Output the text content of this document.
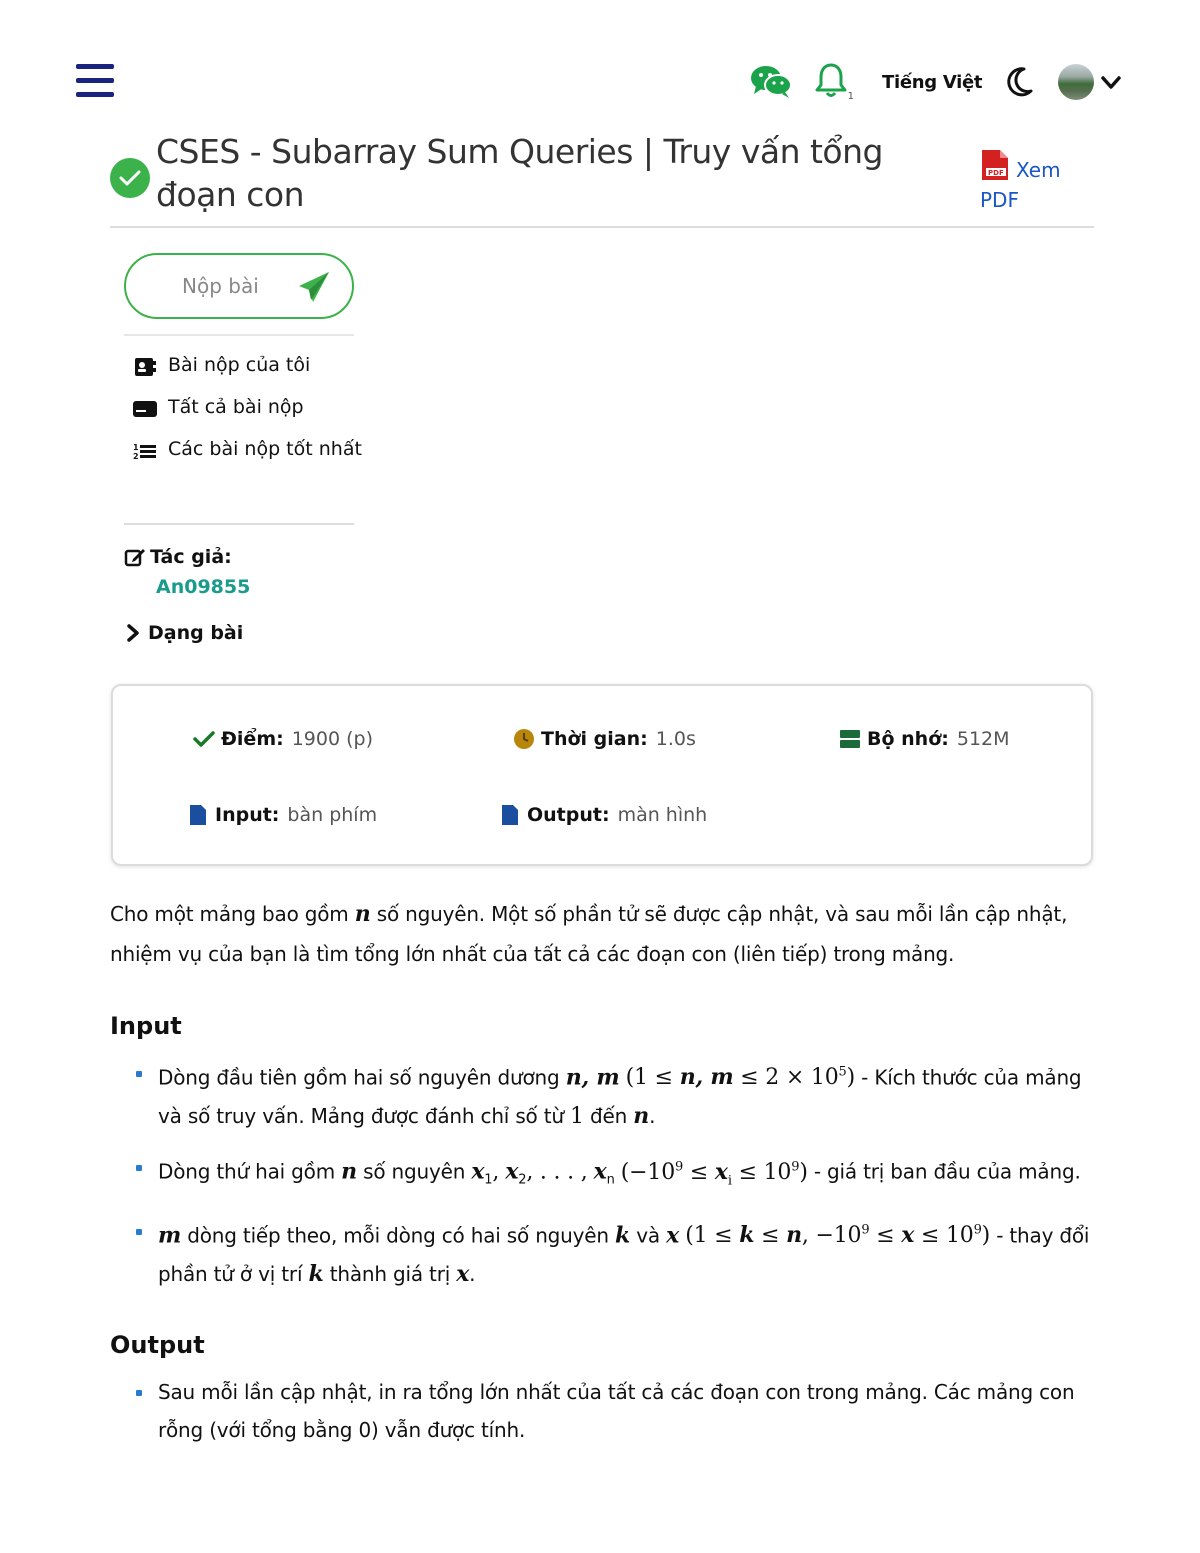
1
Tiếng Việt
CSES - Subarray Sum Queries | Truy vấn tổng đoạn con
PDF Xem
PDF
Nộp bài
Bài nộp của tôi
Tất cả bài nộp
1
2 Các bài nộp tốt nhất
Tác giả:
An09855
Dạng bài
Điểm: 1900 (p)	Thời gian: 1.0s	Bộ nhớ: 512M
Input: bàn phím	Output: màn hình

Cho một mảng bao gồm n số nguyên. Một số phần tử sẽ được cập nhật, và sau mỗi lần cập nhật, nhiệm vụ của bạn là tìm tổng lớn nhất của tất cả các đoạn con (liên tiếp) trong mảng.

Input
Dòng đầu tiên gồm hai số nguyên dương n, m (1 ≤ n, $m \le 2 \times 10^5$) - Kích thước của mảng và số truy vấn. Mảng được đánh chỉ số từ 1 đến n.
Dòng thứ hai gồm n số nguyên $x_1$, $x_2$, . . . , $x_n$ $(-10^9 \le x_i \le 10^9)$ - giá trị ban đầu của mảng.
m dòng tiếp theo, mỗi dòng có hai số nguyên k và x (1 ≤ k ≤ n, $-10^9 \le x \le 10^9$) - thay đổi phần tử ở vị trí k thành giá trị x.
Output
Sau mỗi lần cập nhật, in ra tổng lớn nhất của tất cả các đoạn con trong mảng. Các mảng con rỗng (với tổng bằng 0) vẫn được tính.
